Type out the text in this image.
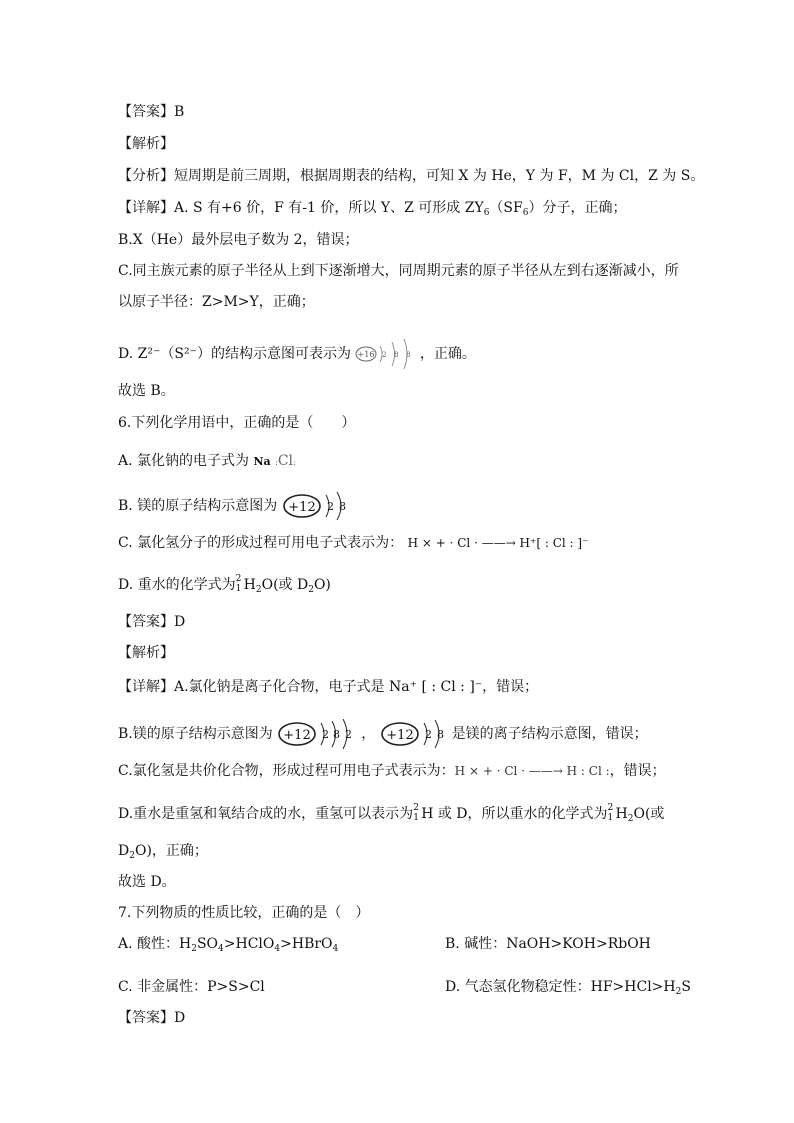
【答案】B
【解析】
【分析】短周期是前三周期，根据周期表的结构，可知 X 为 He，Y 为 F，M 为 Cl，Z 为 S。
【详解】A. S 有+6 价，F 有-1 价，所以 Y、Z 可形成 $ZY_6(SF_6)$分子，正确；
B.X（He）最外层电子数为 2，错误；
C.同主族元素的原子半径从上到下逐渐增大，同周期元素的原子半径从左到右逐渐减小，所
以原子半径：Z>M>Y，正确；
D. Z²⁻（S²⁻）的结构示意图可表示为 +16 2 8 8 ，正确。
故选 B。
6.下列化学用语中，正确的是（　　）
A. 氯化钠的电子式为 Na :Cl:
B. 镁的原子结构示意图为 +12 2 8
C. 氯化氢分子的形成过程可用电子式表示为： H × + · Cl · ——→ H⁺[ : Cl : ]⁻
D. 重水的化学式为 2
1 $H_2O$(或 $D_2O$)
【答案】D
【解析】
【详解】A.氯化钠是离子化合物，电子式是 Na⁺ [ : Cl : ]⁻，错误；
B.镁的原子结构示意图为 +12 2 8 2 ， +12 2 8 是镁的离子结构示意图，错误；
C.氯化氢是共价化合物，形成过程可用电子式表示为：H × + · Cl · ——→ H : Cl :，错误；
D.重水是重氢和氧结合成的水，重氢可以表示为 2
1 H 或 D，所以重水的化学式为 2
1 $H_2O$(或
$D_2O$)，正确；
故选 D。
7.下列物质的性质比较，正确的是（　）
A. 酸性：$H_2SO_4>HClO_4>HBrO_4$	B. 碱性：NaOH>KOH>RbOH
C. 非金属性：P>S>Cl	D. 气态氢化物稳定性：$HF>HCl>H_2S$
【答案】D
